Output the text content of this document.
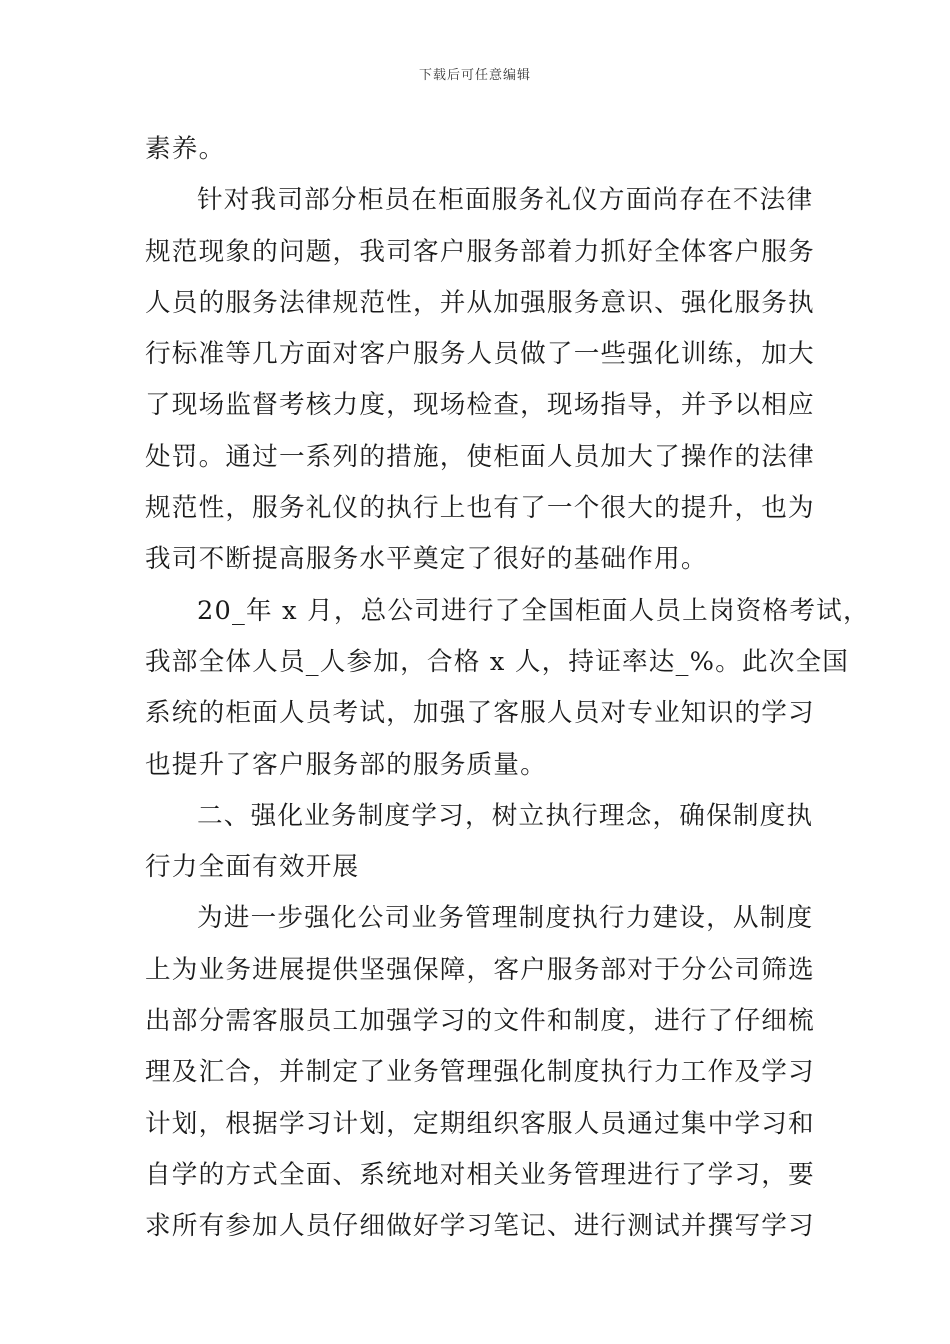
下载后可任意编辑
素养。
针对我司部分柜员在柜面服务礼仪方面尚存在不法律
规范现象的问题，我司客户服务部着力抓好全体客户服务
人员的服务法律规范性，并从加强服务意识、强化服务执
行标准等几方面对客户服务人员做了一些强化训练，加大
了现场监督考核力度，现场检查，现场指导，并予以相应
处罚。通过一系列的措施，使柜面人员加大了操作的法律
规范性，服务礼仪的执行上也有了一个很大的提升，也为
我司不断提高服务水平奠定了很好的基础作用。
20_年 x 月，总公司进行了全国柜面人员上岗资格考试，
我部全体人员_人参加，合格 x 人，持证率达_%。此次全国
系统的柜面人员考试，加强了客服人员对专业知识的学习
也提升了客户服务部的服务质量。
二、强化业务制度学习，树立执行理念，确保制度执
行力全面有效开展
为进一步强化公司业务管理制度执行力建设，从制度
上为业务进展提供坚强保障，客户服务部对于分公司筛选
出部分需客服员工加强学习的文件和制度，进行了仔细梳
理及汇合，并制定了业务管理强化制度执行力工作及学习
计划，根据学习计划，定期组织客服人员通过集中学习和
自学的方式全面、系统地对相关业务管理进行了学习，要
求所有参加人员仔细做好学习笔记、进行测试并撰写学习
